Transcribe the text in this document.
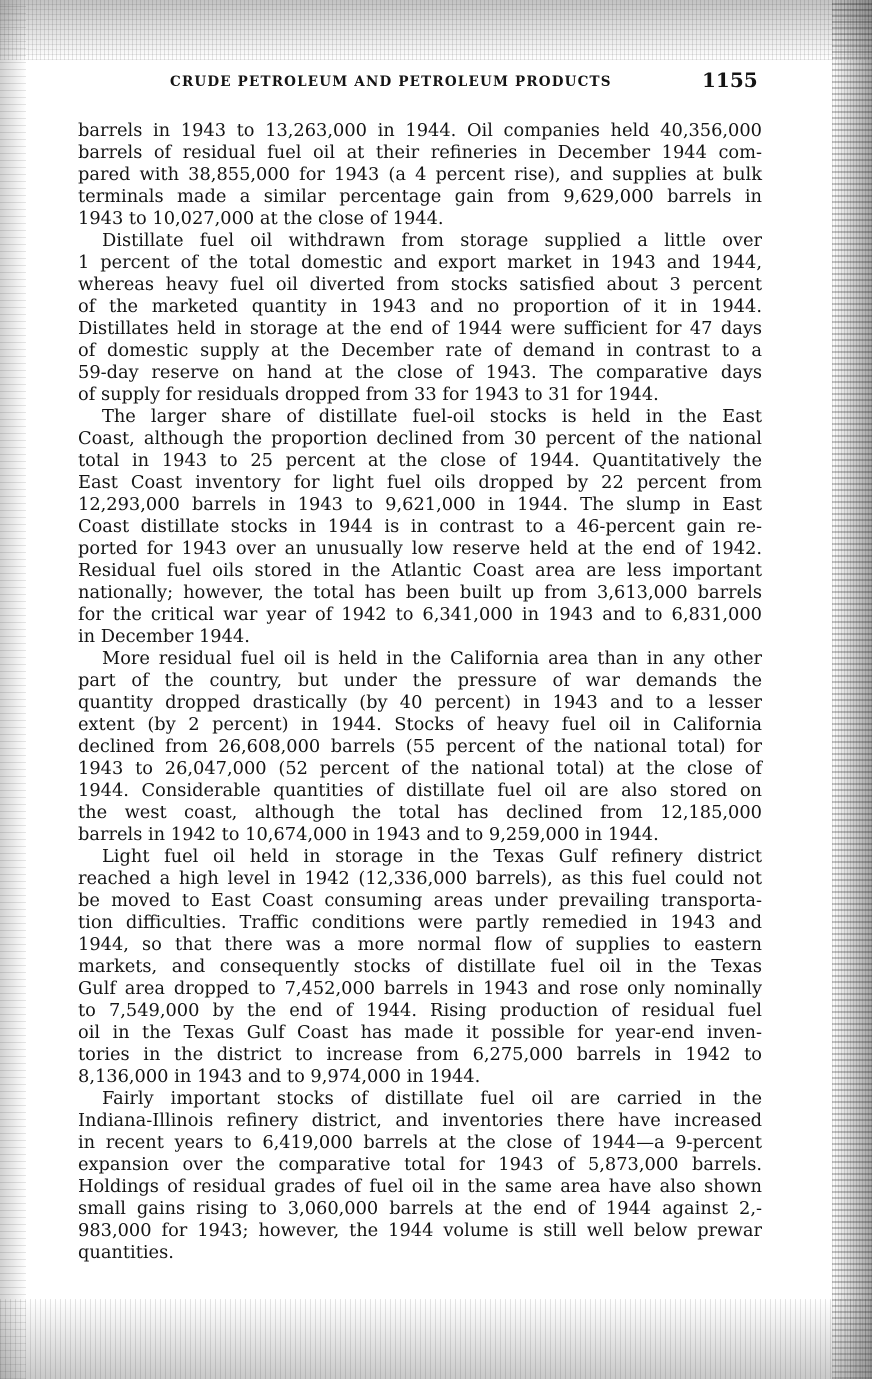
CRUDE PETROLEUM AND PETROLEUM PRODUCTS	1155
barrels in 1943 to 13,263,000 in 1944. Oil companies held 40,356,000
barrels of residual fuel oil at their refineries in December 1944 com-
pared with 38,855,000 for 1943 (a 4 percent rise), and supplies at bulk
terminals made a similar percentage gain from 9,629,000 barrels in
1943 to 10,027,000 at the close of 1944.
Distillate fuel oil withdrawn from storage supplied a little over
1 percent of the total domestic and export market in 1943 and 1944,
whereas heavy fuel oil diverted from stocks satisfied about 3 percent
of the marketed quantity in 1943 and no proportion of it in 1944.
Distillates held in storage at the end of 1944 were sufficient for 47 days
of domestic supply at the December rate of demand in contrast to a
59-day reserve on hand at the close of 1943. The comparative days
of supply for residuals dropped from 33 for 1943 to 31 for 1944.
The larger share of distillate fuel-oil stocks is held in the East
Coast, although the proportion declined from 30 percent of the national
total in 1943 to 25 percent at the close of 1944. Quantitatively the
East Coast inventory for light fuel oils dropped by 22 percent from
12,293,000 barrels in 1943 to 9,621,000 in 1944. The slump in East
Coast distillate stocks in 1944 is in contrast to a 46-percent gain re-
ported for 1943 over an unusually low reserve held at the end of 1942.
Residual fuel oils stored in the Atlantic Coast area are less important
nationally; however, the total has been built up from 3,613,000 barrels
for the critical war year of 1942 to 6,341,000 in 1943 and to 6,831,000
in December 1944.
More residual fuel oil is held in the California area than in any other
part of the country, but under the pressure of war demands the
quantity dropped drastically (by 40 percent) in 1943 and to a lesser
extent (by 2 percent) in 1944. Stocks of heavy fuel oil in California
declined from 26,608,000 barrels (55 percent of the national total) for
1943 to 26,047,000 (52 percent of the national total) at the close of
1944. Considerable quantities of distillate fuel oil are also stored on
the west coast, although the total has declined from 12,185,000
barrels in 1942 to 10,674,000 in 1943 and to 9,259,000 in 1944.
Light fuel oil held in storage in the Texas Gulf refinery district
reached a high level in 1942 (12,336,000 barrels), as this fuel could not
be moved to East Coast consuming areas under prevailing transporta-
tion difficulties. Traffic conditions were partly remedied in 1943 and
1944, so that there was a more normal flow of supplies to eastern
markets, and consequently stocks of distillate fuel oil in the Texas
Gulf area dropped to 7,452,000 barrels in 1943 and rose only nominally
to 7,549,000 by the end of 1944. Rising production of residual fuel
oil in the Texas Gulf Coast has made it possible for year-end inven-
tories in the district to increase from 6,275,000 barrels in 1942 to
8,136,000 in 1943 and to 9,974,000 in 1944.
Fairly important stocks of distillate fuel oil are carried in the
Indiana-Illinois refinery district, and inventories there have increased
in recent years to 6,419,000 barrels at the close of 1944—a 9-percent
expansion over the comparative total for 1943 of 5,873,000 barrels.
Holdings of residual grades of fuel oil in the same area have also shown
small gains rising to 3,060,000 barrels at the end of 1944 against 2,-
983,000 for 1943; however, the 1944 volume is still well below prewar
quantities.
